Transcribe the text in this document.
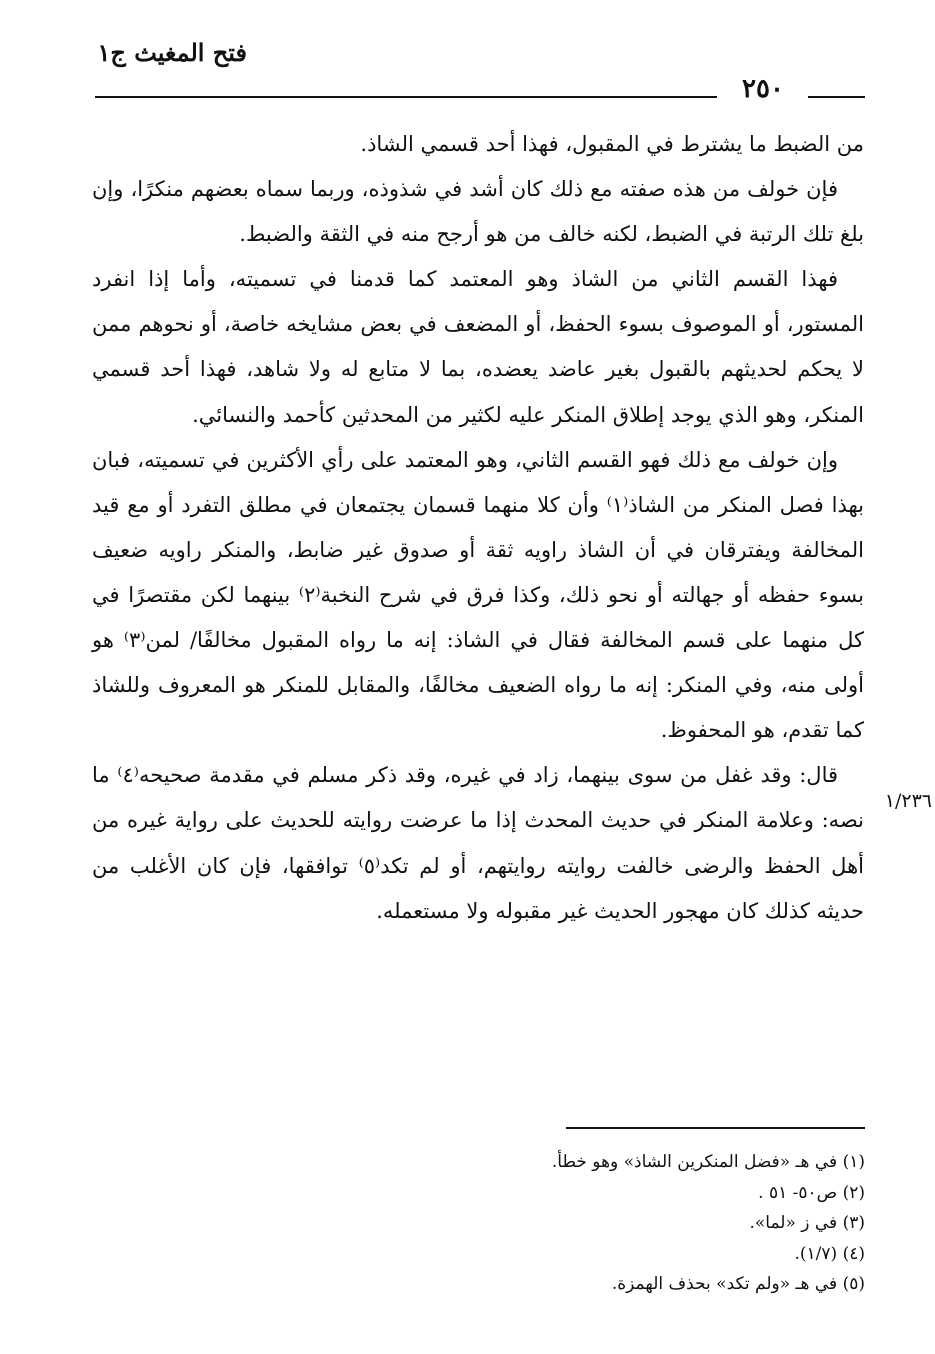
فتح المغيث ج١
٢٥٠

من الضبط ما يشترط في المقبول، فهذا أحد قسمي الشاذ.

فإن خولف من هذه صفته مع ذلك كان أشد في شذوذه، وربما سماه بعضهم منكرًا، وإن بلغ تلك الرتبة في الضبط، لكنه خالف من هو أرجح منه في الثقة والضبط.

فهذا القسم الثاني من الشاذ وهو المعتمد كما قدمنا في تسميته، وأما إذا انفرد المستور، أو الموصوف بسوء الحفظ، أو المضعف في بعض مشايخه خاصة، أو نحوهم ممن لا يحكم لحديثهم بالقبول بغير عاضد يعضده، بما لا متابع له ولا شاهد، فهذا أحد قسمي المنكر، وهو الذي يوجد إطلاق المنكر عليه لكثير من المحدثين كأحمد والنسائي.

وإن خولف مع ذلك فهو القسم الثاني، وهو المعتمد على رأي الأكثرين في تسميته، فبان بهذا فصل المنكر من الشاذ⁽١⁾ وأن كلا منهما قسمان يجتمعان في مطلق التفرد أو مع قيد المخالفة ويفترقان في أن الشاذ راويه ثقة أو صدوق غير ضابط، والمنكر راويه ضعيف بسوء حفظه أو جهالته أو نحو ذلك، وكذا فرق في شرح النخبة⁽٢⁾ بينهما لكن مقتصرًا في كل منهما على قسم المخالفة فقال في الشاذ: إنه ما رواه المقبول مخالفًا/ لمن⁽٣⁾ هو أولى منه، وفي المنكر: إنه ما رواه الضعيف مخالفًا، والمقابل للمنكر هو المعروف وللشاذ كما تقدم، هو المحفوظ.

قال: وقد غفل من سوى بينهما، زاد في غيره، وقد ذكر مسلم في مقدمة صحيحه⁽٤⁾ ما نصه: وعلامة المنكر في حديث المحدث إذا ما عرضت روايته للحديث على رواية غيره من أهل الحفظ والرضى خالفت روايته روايتهم، أو لم تكد⁽٥⁾ توافقها، فإن كان الأغلب من حديثه كذلك كان مهجور الحديث غير مقبوله ولا مستعمله.

١/٢٣٦
(١) في هـ «فضل المنكرين الشاذ» وهو خطأ.
(٢) ص٥٠- ٥١ .
(٣) في ز «لما».
(٤) (١/٧).
(٥) في هـ «ولم تكد» بحذف الهمزة.
